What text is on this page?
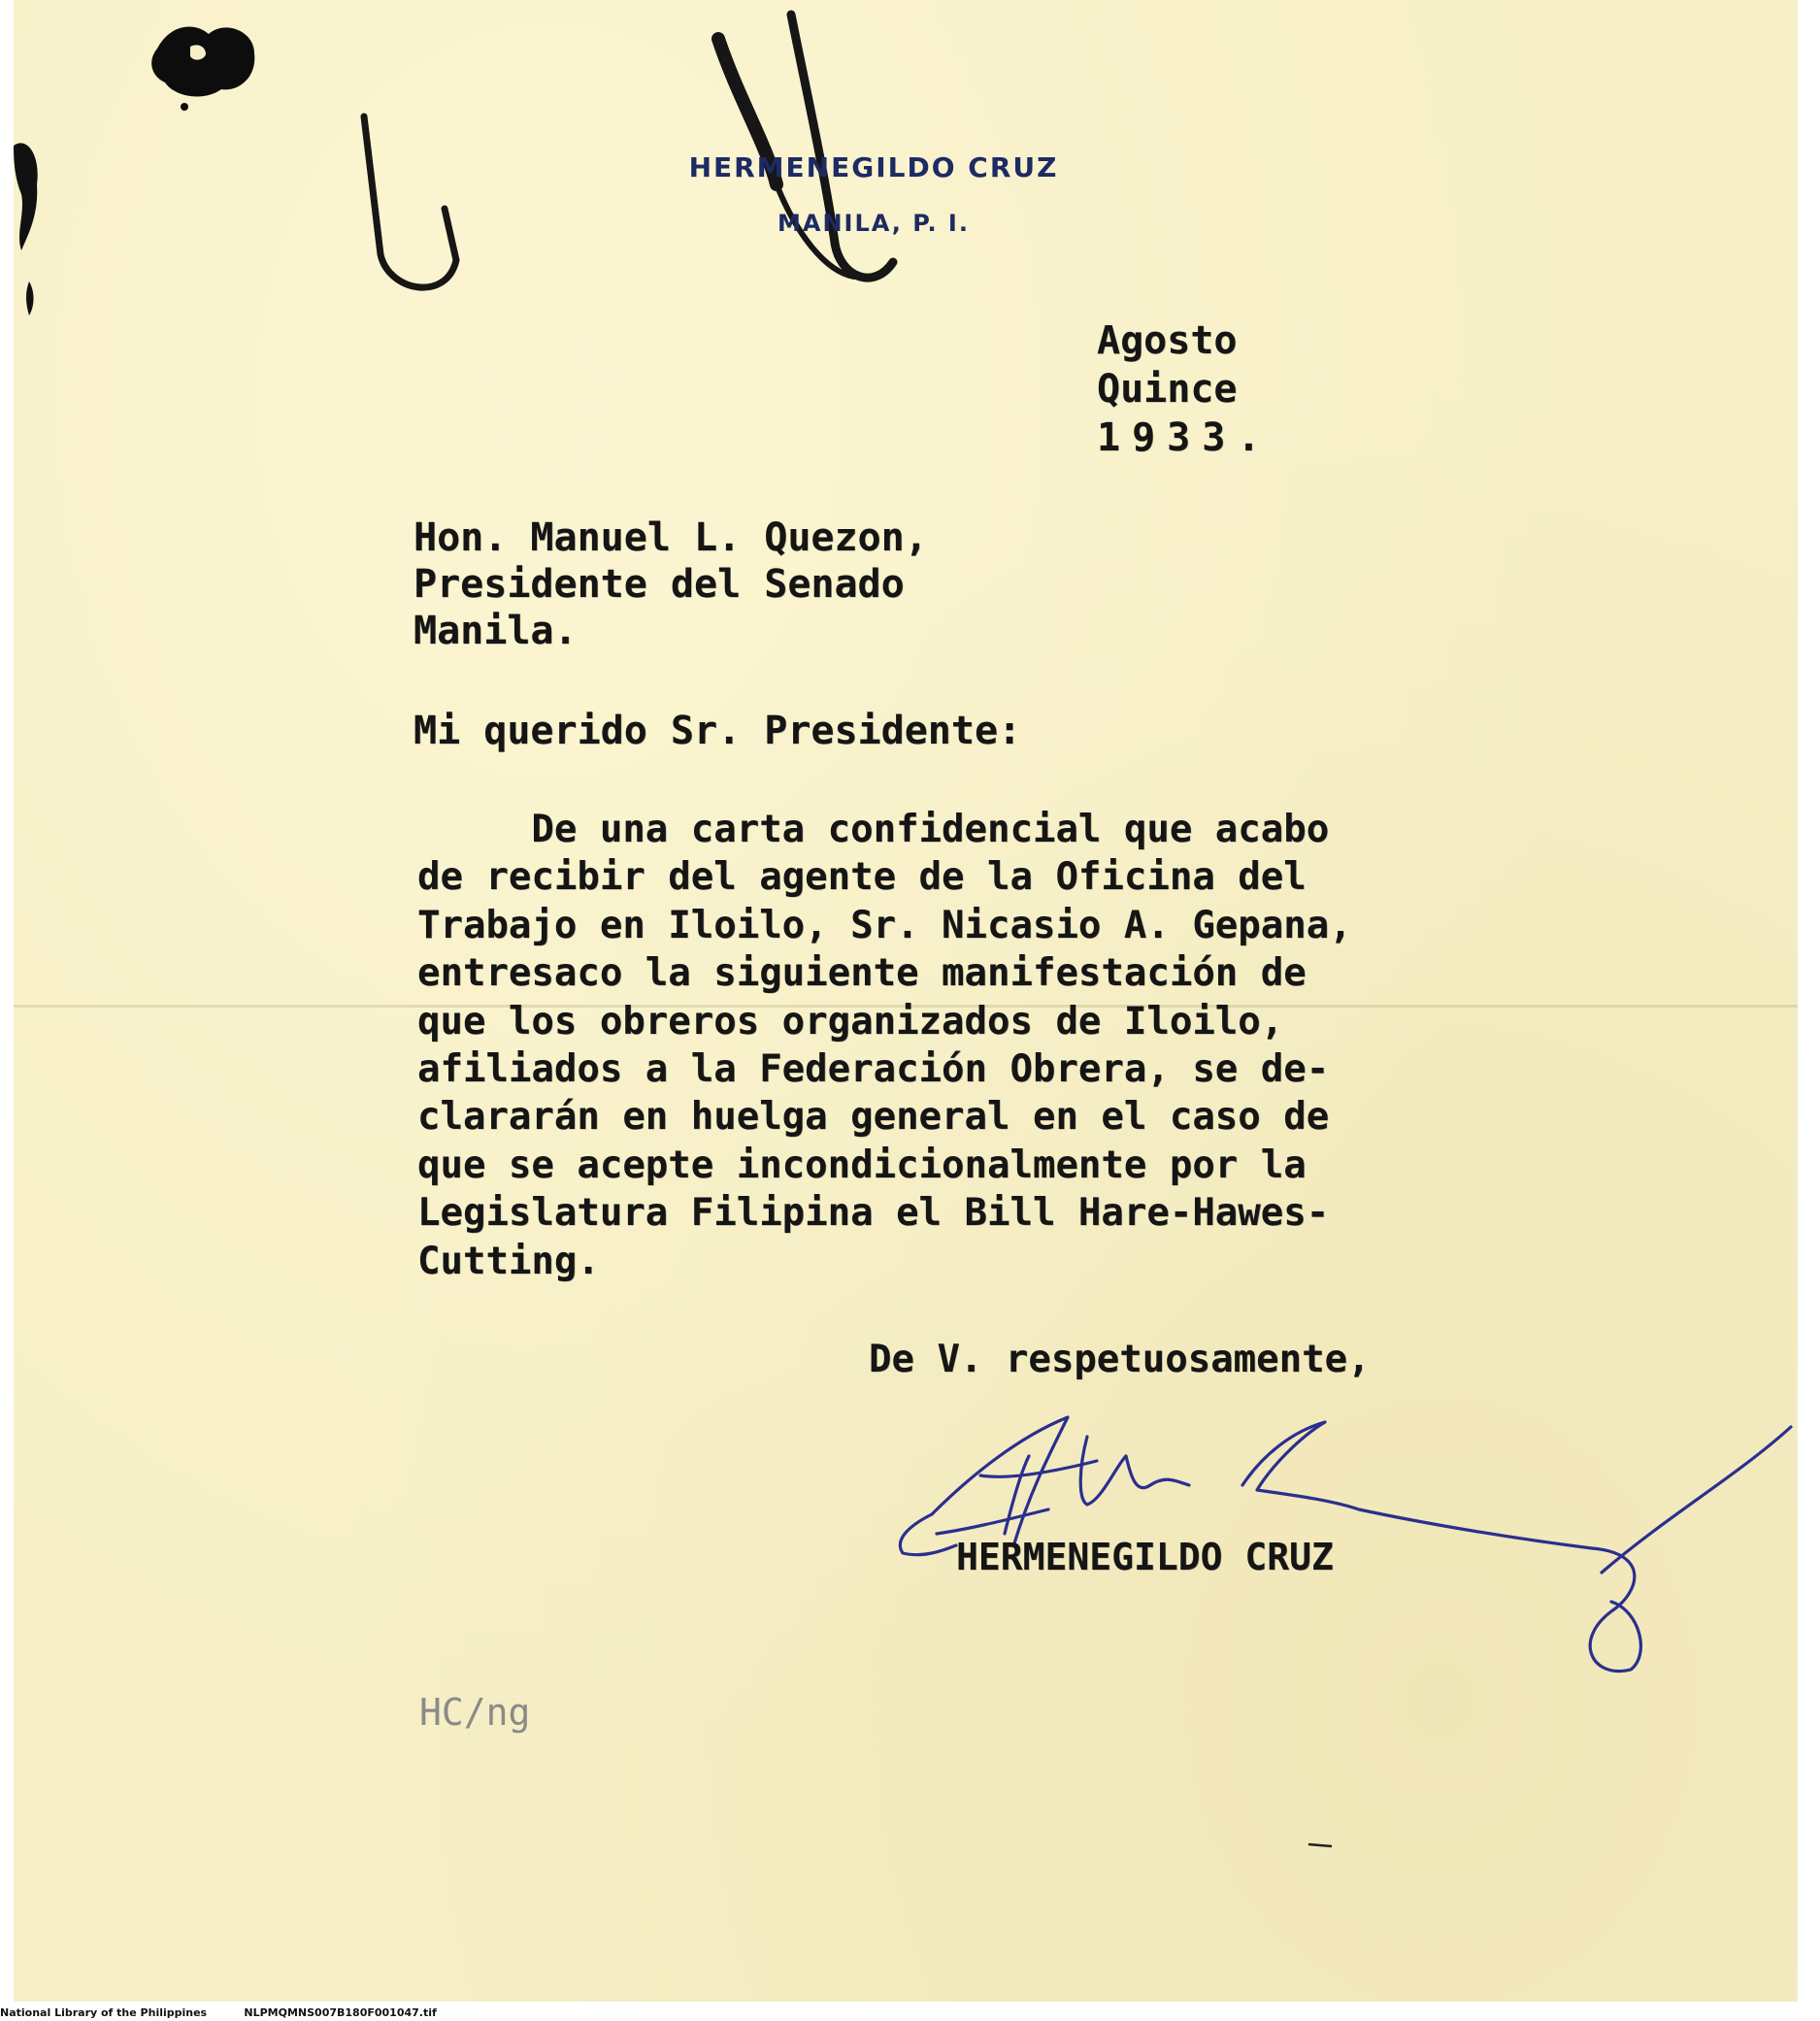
HERMENEGILDO CRUZ
MANILA, P. I.
Agosto
Quince
1933.
Hon. Manuel L. Quezon,
Presidente del Senado
Manila.
Mi querido Sr. Presidente:
De una carta confidencial que acabo
de recibir del agente de la Oficina del
Trabajo en Iloilo, Sr. Nicasio A. Gepana,
entresaco la siguiente manifestación de
que los obreros organizados de Iloilo,
afiliados a la Federación Obrera, se de-
clararán en huelga general en el caso de
que se acepte incondicionalmente por la
Legislatura Filipina el Bill Hare-Hawes-
Cutting.
De V. respetuosamente,
HERMENEGILDO CRUZ
HC/ng
National Library of the Philippines	NLPMQMNS007B180F001047.tif
